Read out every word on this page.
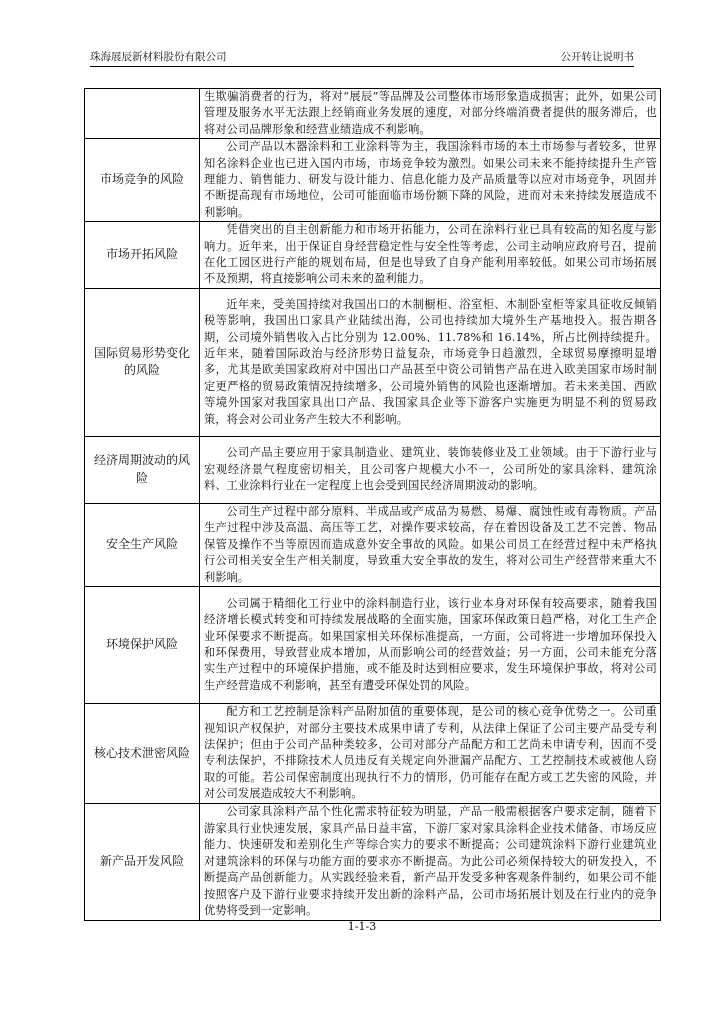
珠海展辰新材料股份有限公司	公开转让说明书
	生欺骗消费者的行为，将对“展辰”等品牌及公司整体市场形象造成损害；此外，如果公司管理及服务水平无法跟上经销商业务发展的速度，对部分终端消费者提供的服务滞后，也将对公司品牌形象和经营业绩造成不利影响。
市场竞争的风险	公司产品以木器涂料和工业涂料等为主，我国涂料市场的本土市场参与者较多，世界知名涂料企业也已进入国内市场，市场竞争较为激烈。如果公司未来不能持续提升生产管理能力、销售能力、研发与设计能力、信息化能力及产品质量等以应对市场竞争，巩固并不断提高现有市场地位，公司可能面临市场份额下降的风险，进而对未来持续发展造成不利影响。
市场开拓风险	凭借突出的自主创新能力和市场开拓能力，公司在涂料行业已具有较高的知名度与影响力。近年来，出于保证自身经营稳定性与安全性等考虑，公司主动响应政府号召，提前在化工园区进行产能的规划布局，但是也导致了自身产能利用率较低。如果公司市场拓展不及预期，将直接影响公司未来的盈利能力。
国际贸易形势变化的风险	近年来，受美国持续对我国出口的木制橱柜、浴室柜、木制卧室柜等家具征收反倾销税等影响，我国出口家具产业陆续出海，公司也持续加大境外生产基地投入。报告期各期，公司境外销售收入占比分别为 12.00%、11.78%和 16.14%，所占比例持续提升。近年来，随着国际政治与经济形势日益复杂，市场竞争日趋激烈，全球贸易摩擦明显增多，尤其是欧美国家政府对中国出口产品甚至中资公司销售产品在进入欧美国家市场时制定更严格的贸易政策情况持续增多，公司境外销售的风险也逐渐增加。若未来美国、西欧等境外国家对我国家具出口产品、我国家具企业等下游客户实施更为明显不利的贸易政策，将会对公司业务产生较大不利影响。
经济周期波动的风险	公司产品主要应用于家具制造业、建筑业、装饰装修业及工业领域。由于下游行业与宏观经济景气程度密切相关，且公司客户规模大小不一，公司所处的家具涂料、建筑涂料、工业涂料行业在一定程度上也会受到国民经济周期波动的影响。
安全生产风险	公司生产过程中部分原料、半成品或产成品为易燃、易爆、腐蚀性或有毒物质。产品生产过程中涉及高温、高压等工艺，对操作要求较高，存在着因设备及工艺不完善、物品保管及操作不当等原因而造成意外安全事故的风险。如果公司员工在经营过程中未严格执行公司相关安全生产相关制度，导致重大安全事故的发生，将对公司生产经营带来重大不利影响。
环境保护风险	公司属于精细化工行业中的涂料制造行业，该行业本身对环保有较高要求，随着我国经济增长模式转变和可持续发展战略的全面实施，国家环保政策日趋严格，对化工生产企业环保要求不断提高。如果国家相关环保标准提高，一方面，公司将进一步增加环保投入和环保费用，导致营业成本增加，从而影响公司的经营效益；另一方面，公司未能充分落实生产过程中的环境保护措施，或不能及时达到相应要求，发生环境保护事故，将对公司生产经营造成不利影响，甚至有遭受环保处罚的风险。
核心技术泄密风险	配方和工艺控制是涂料产品附加值的重要体现，是公司的核心竞争优势之一。公司重视知识产权保护，对部分主要技术成果申请了专利，从法律上保证了公司主要产品受专利法保护；但由于公司产品种类较多，公司对部分产品配方和工艺尚未申请专利，因而不受专利法保护，不排除技术人员违反有关规定向外泄漏产品配方、工艺控制技术或被他人窃取的可能。若公司保密制度出现执行不力的情形，仍可能存在配方或工艺失密的风险，并对公司发展造成较大不利影响。
新产品开发风险	公司家具涂料产品个性化需求特征较为明显，产品一般需根据客户要求定制，随着下游家具行业快速发展，家具产品日益丰富，下游厂家对家具涂料企业技术储备、市场反应能力、快速研发和差别化生产等综合实力的要求不断提高；公司建筑涂料下游行业建筑业对建筑涂料的环保与功能方面的要求亦不断提高。为此公司必须保持较大的研发投入，不断提高产品创新能力。从实践经验来看，新产品开发受多种客观条件制约，如果公司不能按照客户及下游行业要求持续开发出新的涂料产品，公司市场拓展计划及在行业内的竞争优势将受到一定影响。
1-1-3
